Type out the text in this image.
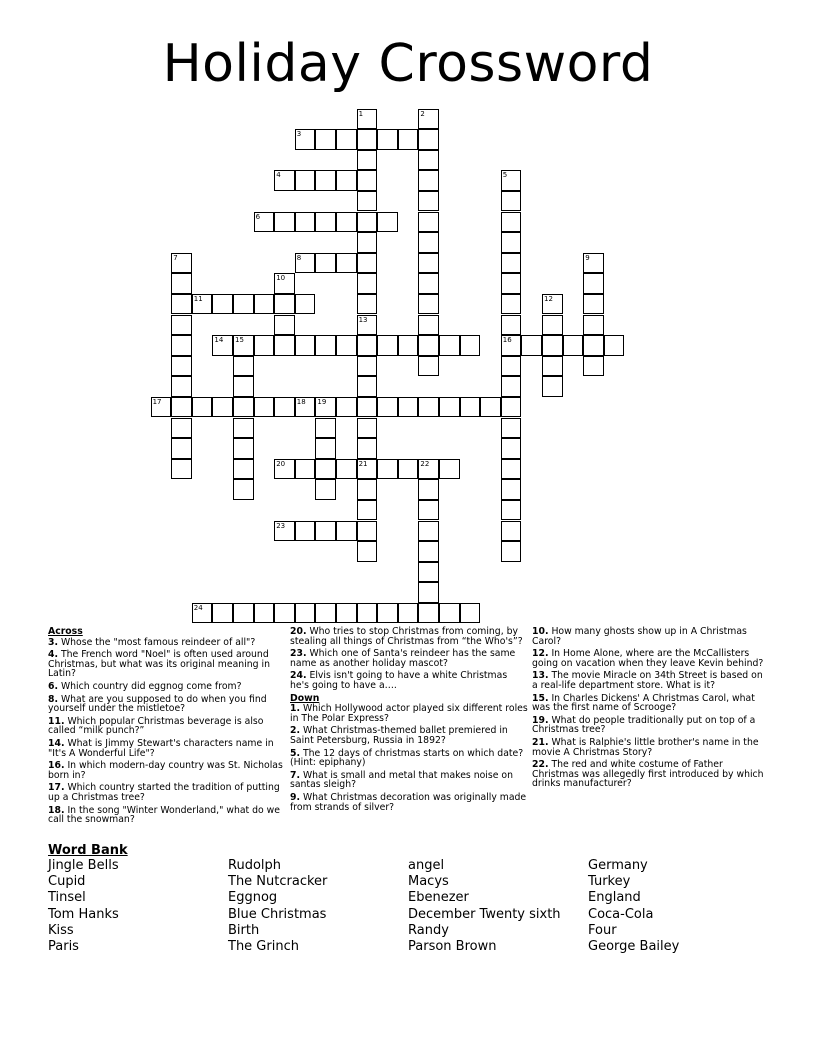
Holiday Crossword
1	2
3
4	5
6
7	8	9
10
11	12
13
14 15	16
17	18 19
20	21	22
23
24
Across
3. Whose the "most famous reindeer of all"?
4. The French word "Noel" is often used around Christmas, but what was its original meaning in Latin?
6. Which country did eggnog come from?
8. What are you supposed to do when you find yourself under the mistletoe?
11. Which popular Christmas beverage is also called “milk punch?”
14. What is Jimmy Stewart's characters name in "It's A Wonderful Life"?
16. In which modern-day country was St. Nicholas born in?
17. Which country started the tradition of putting up a Christmas tree?
18. In the song "Winter Wonderland," what do we call the snowman?
20. Who tries to stop Christmas from coming, by stealing all things of Christmas from “the Who's”?
23. Which one of Santa's reindeer has the same name as another holiday mascot?
24. Elvis isn't going to have a white Christmas he's going to have a….
Down
1. Which Hollywood actor played six different roles in The Polar Express?
2. What Christmas-themed ballet premiered in Saint Petersburg, Russia in 1892?
5. The 12 days of christmas starts on which date? (Hint: epiphany)
7. What is small and metal that makes noise on santas sleigh?
9. What Christmas decoration was originally made from strands of silver?
10. How many ghosts show up in A Christmas Carol?
12. In Home Alone, where are the McCallisters going on vacation when they leave Kevin behind?
13. The movie Miracle on 34th Street is based on a real-life department store. What is it?
15. In Charles Dickens' A Christmas Carol, what was the first name of Scrooge?
19. What do people traditionally put on top of a Christmas tree?
21. What is Ralphie's little brother's name in the movie A Christmas Story?
22. The red and white costume of Father Christmas was allegedly first introduced by which drinks manufacturer?
Word Bank
Jingle Bells
Cupid
Tinsel
Tom Hanks
Kiss
Paris
Rudolph
The Nutcracker
Eggnog
Blue Christmas
Birth
The Grinch
angel
Macys
Ebenezer
December Twenty sixth
Randy
Parson Brown
Germany
Turkey
England
Coca-Cola
Four
George Bailey
